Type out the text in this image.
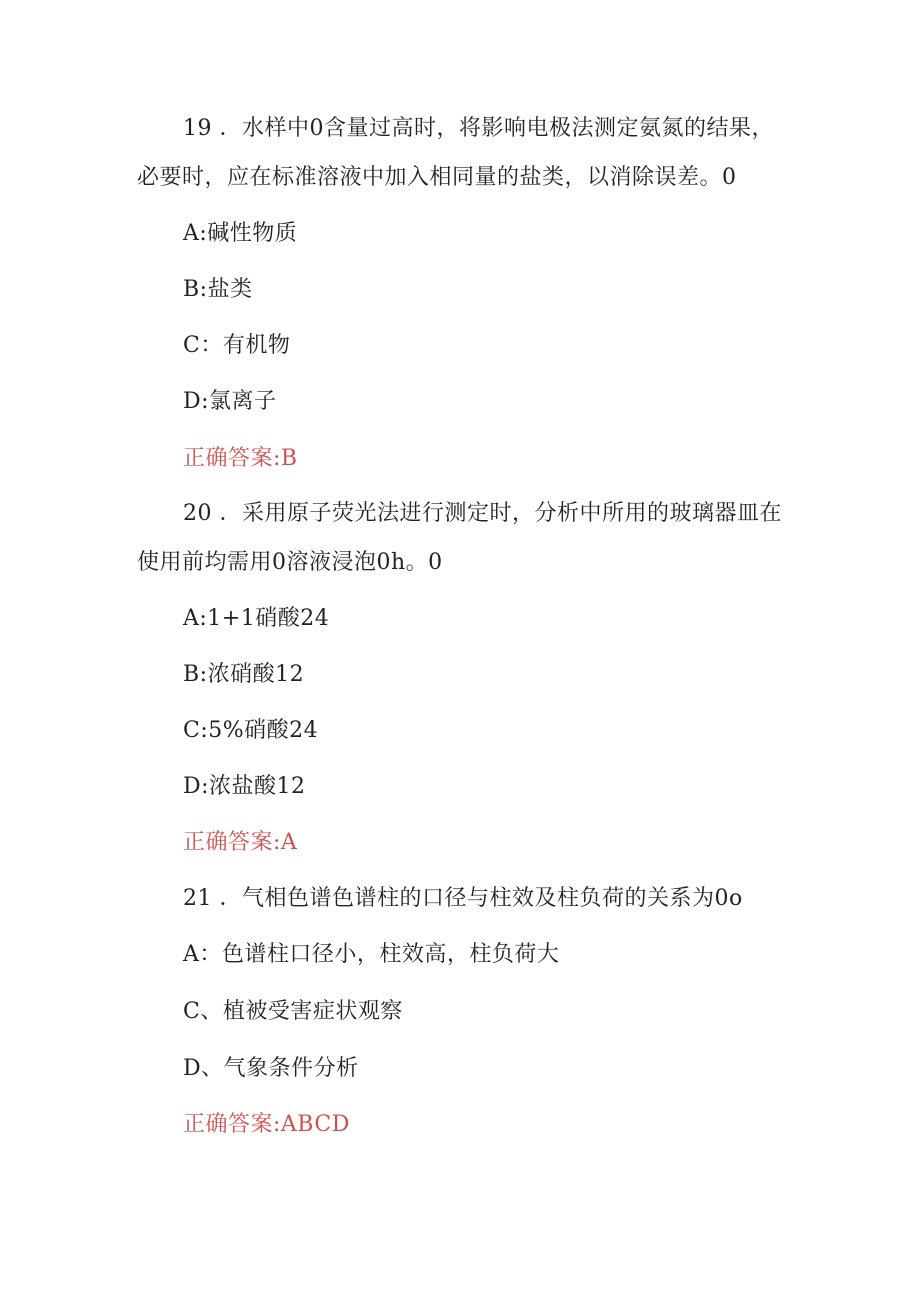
19 ．水样中0含量过高时，将影响电极法测定氨氮的结果，
必要时，应在标准溶液中加入相同量的盐类，以消除误差。0
A:碱性物质
B:盐类
C：有机物
D:氯离子
正确答案:B
20 ．采用原子荧光法进行测定时，分析中所用的玻璃器皿在
使用前均需用0溶液浸泡0h。0
A:1+1硝酸24
B:浓硝酸12
C:5%硝酸24
D:浓盐酸12
正确答案:A
21 ．气相色谱色谱柱的口径与柱效及柱负荷的关系为0o
A：色谱柱口径小，柱效高，柱负荷大
C、植被受害症状观察
D、气象条件分析
正确答案:ABCD
